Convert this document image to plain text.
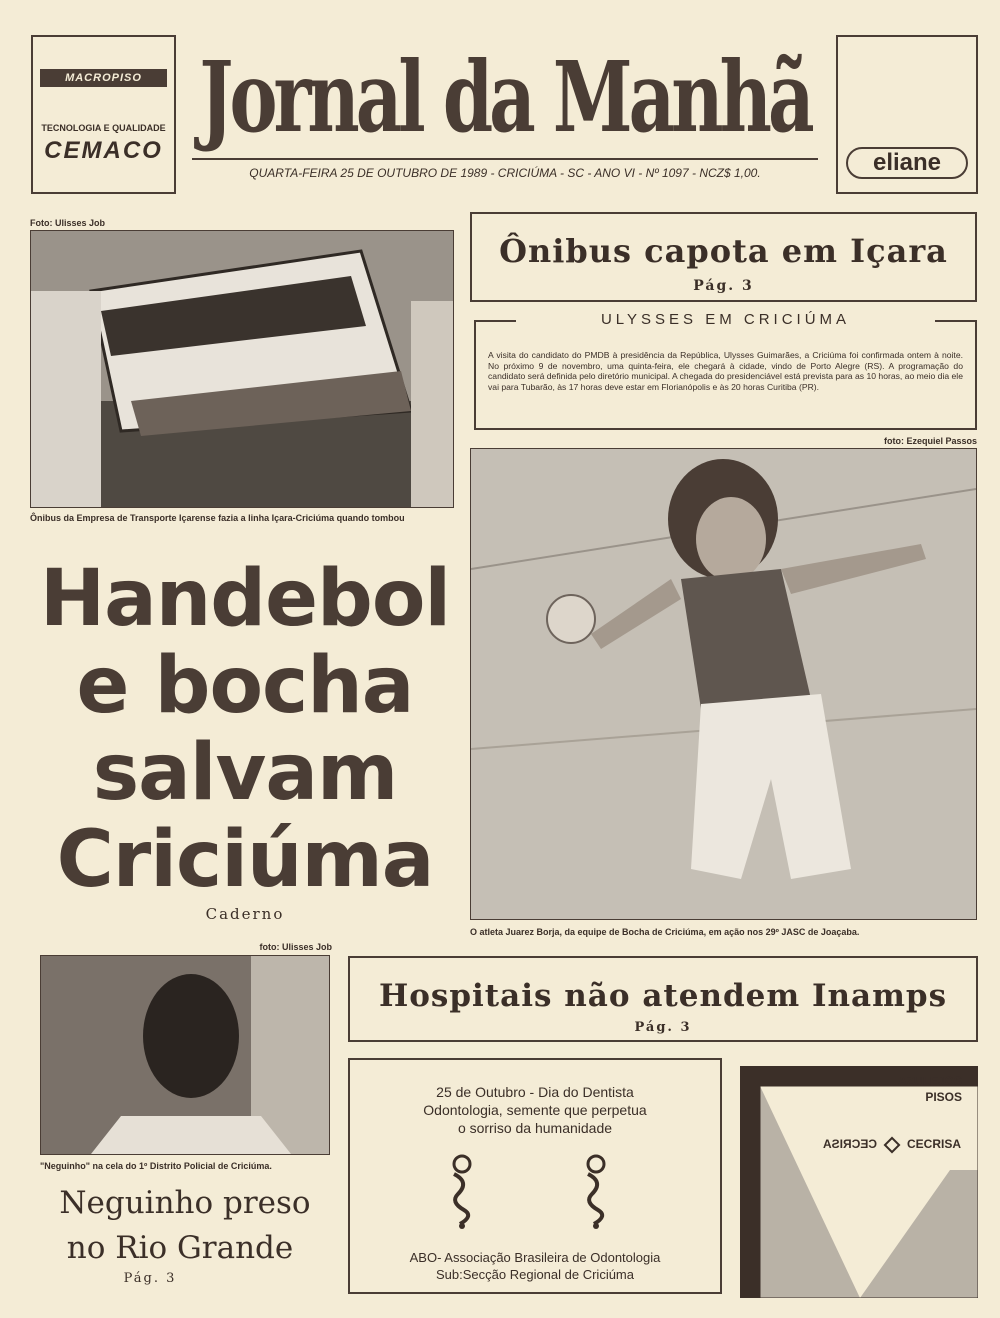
MACROPISO
TECNOLOGIA E QUALIDADE
CEMACO Jornal da Manhã
QUARTA-FEIRA 25 DE OUTUBRO DE 1989 - CRICIÚMA - SC - ANO VI - Nº 1097 - NCZ$ 1,00.	eliane
Foto: Ulisses Job
Ônibus da Empresa de Transporte Içarense fazia a linha Içara-Criciúma quando tombou
Ônibus capota em Içara
Pág. 3
ULYSSES EM CRICIÚMA
A visita do candidato do PMDB à presidência da República, Ulysses Guimarães, a Criciúma foi confirmada ontem à noite. No próximo 9 de novembro, uma quinta-feira, ele chegará à cidade, vindo de Porto Alegre (RS). A programação do candidato será definida pelo diretório municipal. A chegada do presidenciável está prevista para as 10 horas, ao meio dia ele vai para Tubarão, às 17 horas deve estar em Florianópolis e às 20 horas Curitiba (PR).
foto: Ezequiel Passos
O atleta Juarez Borja, da equipe de Bocha de Criciúma, em ação nos 29º JASC de Joaçaba.
Handebol
e bocha
salvam
Criciúma
Caderno
foto: Ulisses Job
"Neguinho" na cela do 1º Distrito Policial de Criciúma.
Neguinho preso
no Rio Grande
Pág. 3
Hospitais não atendem Inamps
Pág. 3
25 de Outubro - Dia do Dentista
Odontologia, semente que perpetua
o sorriso da humanidade
ABO- Associação Brasileira de Odontologia
Sub:Secção Regional de Criciúma
AZULEJOS
PISOS
CECRISA CECRISA
